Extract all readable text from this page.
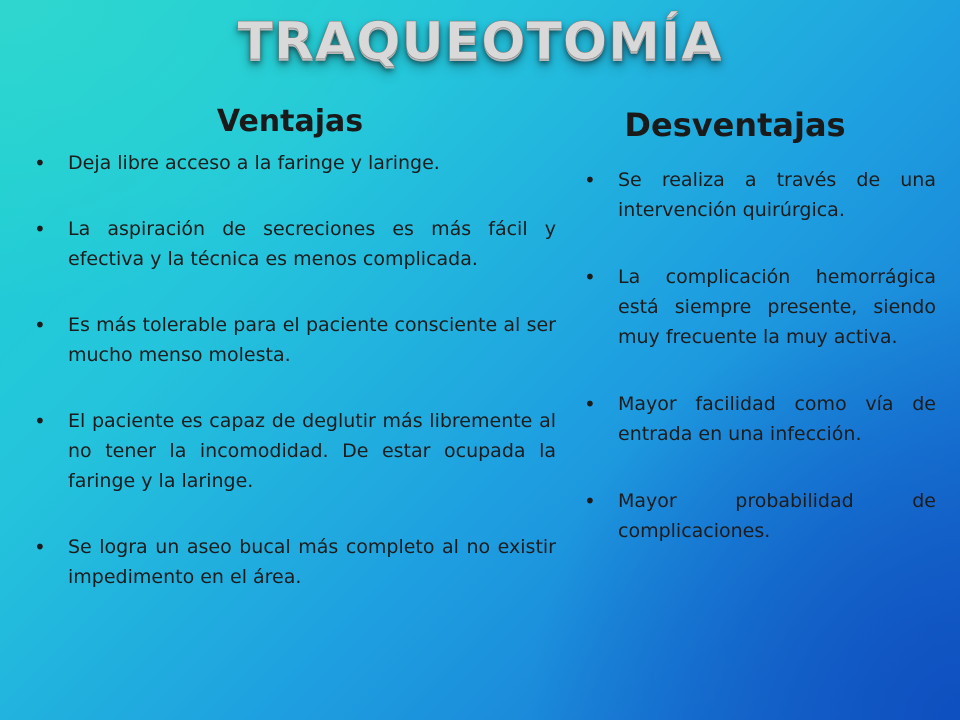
TRAQUEOTOMÍA
Ventajas	Desventajas
• Deja libre acceso a la faringe y laringe.
• La aspiración de secreciones es más fácil y efectiva y la técnica es menos complicada.
• Es más tolerable para el paciente consciente al ser mucho menso molesta.
• El paciente es capaz de deglutir más libremente al no tener la incomodidad. De estar ocupada la faringe y la laringe.
• Se logra un aseo bucal más completo al no existir impedimento en el área.
• Se realiza a través de una intervención quirúrgica.
• La complicación hemorrágica está siempre presente, siendo muy frecuente la muy activa.
• Mayor facilidad como vía de entrada en una infección.
• Mayor probabilidad de complicaciones.
